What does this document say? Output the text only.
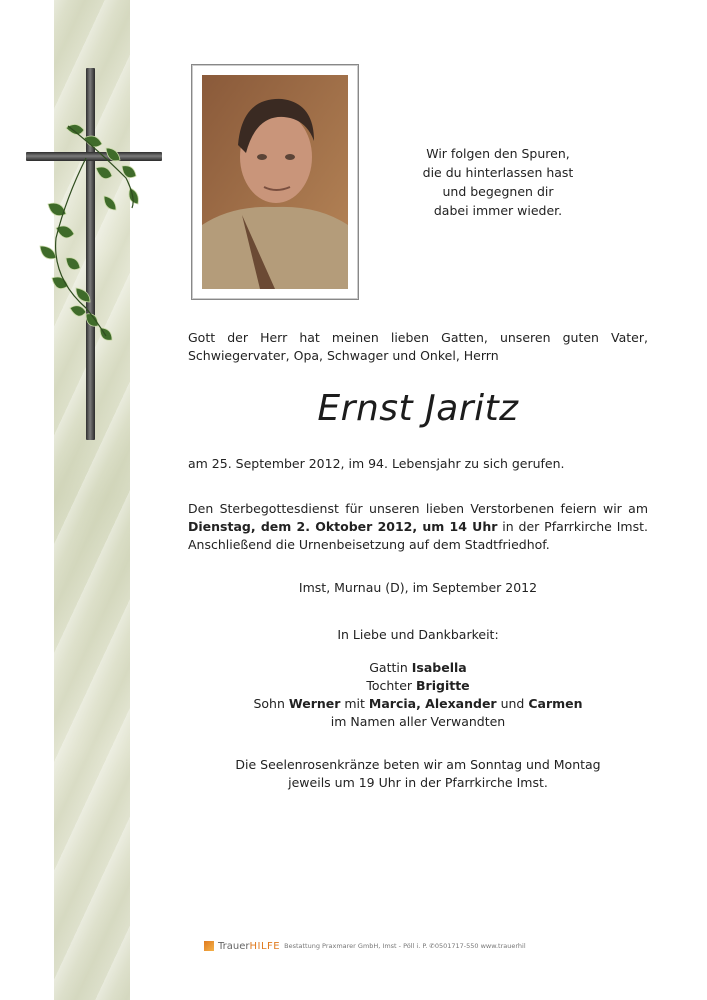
Wir folgen den Spuren,
die du hinterlassen hast
und begegnen dir
dabei immer wieder.
Gott der Herr hat meinen lieben Gatten, unseren guten Vater, Schwiegervater, Opa, Schwager und Onkel, Herrn
Ernst Jaritz
am 25. September 2012, im 94. Lebensjahr zu sich gerufen.
Den Sterbegottesdienst für unseren lieben Verstorbenen feiern wir am Dienstag, dem 2. Oktober 2012, um 14 Uhr in der Pfarrkirche Imst. Anschließend die Urnenbeisetzung auf dem Stadtfriedhof.
Imst, Murnau (D), im September 2012
In Liebe und Dankbarkeit:
Gattin Isabella
Tochter Brigitte
Sohn Werner mit Marcia, Alexander und Carmen
im Namen aller Verwandten
Die Seelenrosenkränze beten wir am Sonntag und Montag
jeweils um 19 Uhr in der Pfarrkirche Imst.
TrauerHILFE Bestattung Praxmarer GmbH, Imst - Pöll i. P. ✆0501717-550 www.trauerhil
